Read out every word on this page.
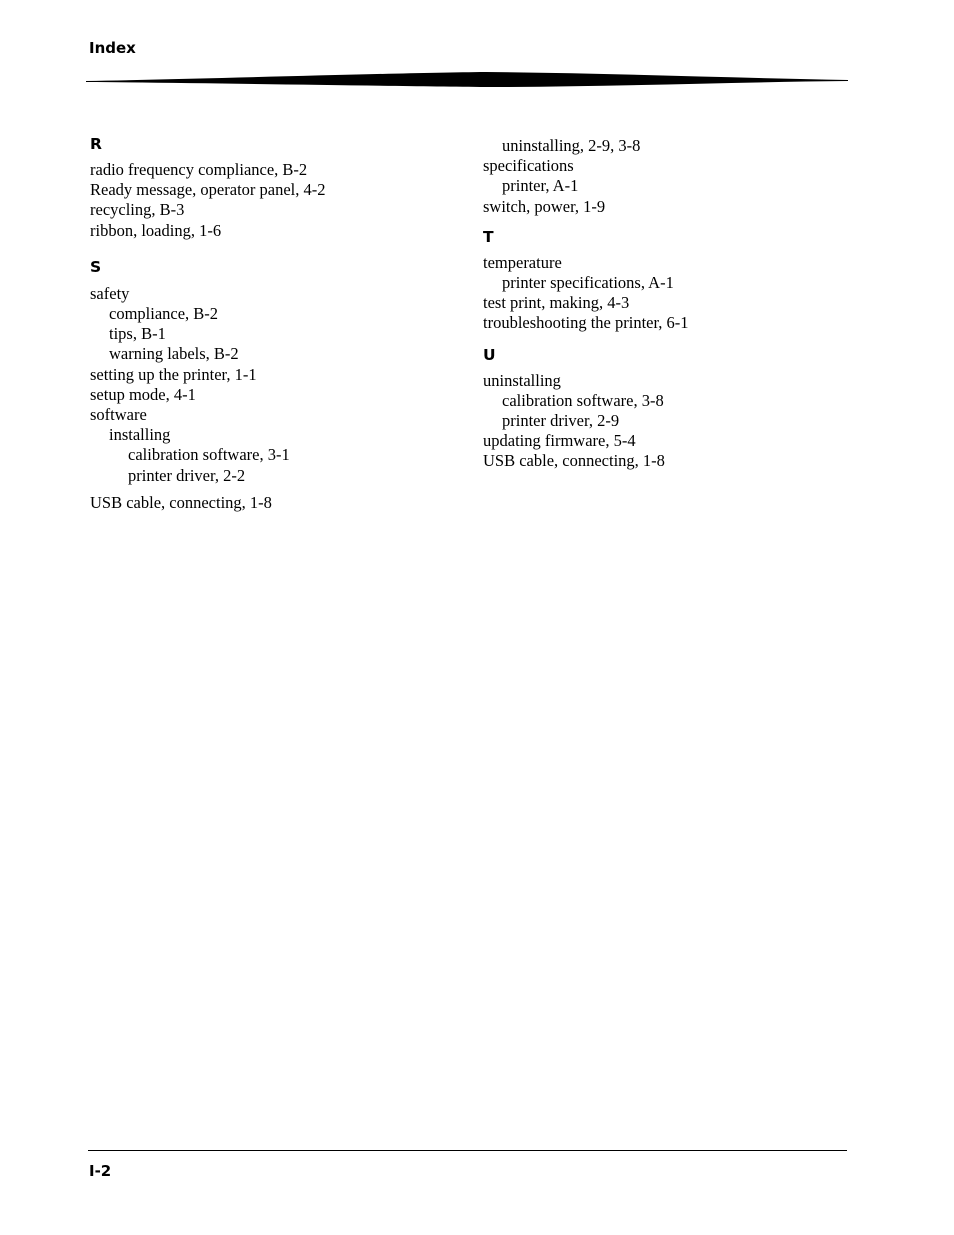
Index
R
radio frequency compliance, B-2
Ready message, operator panel, 4-2
recycling, B-3
ribbon, loading, 1-6
S
safety
compliance, B-2
tips, B-1
warning labels, B-2
setting up the printer, 1-1
setup mode, 4-1
software
installing
calibration software, 3-1
printer driver, 2-2
USB cable, connecting, 1-8
uninstalling, 2-9, 3-8
specifications
printer, A-1
switch, power, 1-9
T
temperature
printer specifications, A-1
test print, making, 4-3
troubleshooting the printer, 6-1
U
uninstalling
calibration software, 3-8
printer driver, 2-9
updating firmware, 5-4
USB cable, connecting, 1-8
I-2
